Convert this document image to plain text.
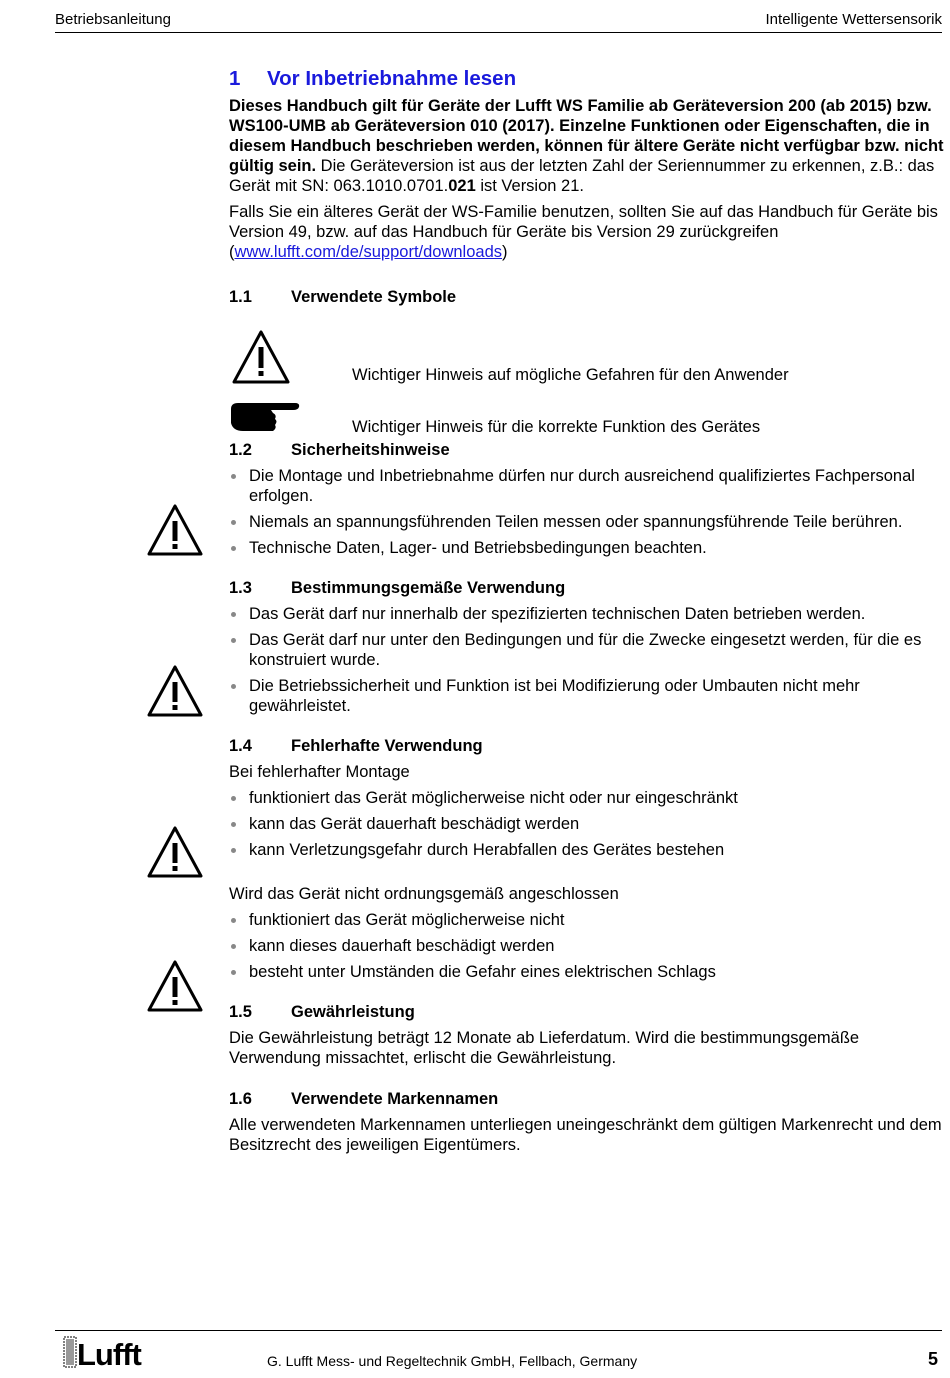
Betriebsanleitung	Intelligente Wettersensorik
1 Vor Inbetriebnahme lesen

Dieses Handbuch gilt für Geräte der Lufft WS Familie ab Geräteversion 200 (ab 2015) bzw. WS100-UMB ab Geräteversion 010 (2017). Einzelne Funktionen oder Eigenschaften, die in diesem Handbuch beschrieben werden, können für ältere Geräte nicht verfügbar bzw. nicht gültig sein. Die Geräteversion ist aus der letzten Zahl der Seriennummer zu erkennen, z.B.: das Gerät mit SN: 063.1010.0701.021 ist Version 21.

Falls Sie ein älteres Gerät der WS-Familie benutzen, sollten Sie auf das Handbuch für Geräte bis Version 49, bzw. auf das Handbuch für Geräte bis Version 29 zurückgreifen (www.lufft.com/de/support/downloads)

1.1 Verwendete Symbole
Wichtiger Hinweis auf mögliche Gefahren für den Anwender
Wichtiger Hinweis für die korrekte Funktion des Gerätes
1.2 Sicherheitshinweise
Die Montage und Inbetriebnahme dürfen nur durch ausreichend qualifiziertes Fachpersonal erfolgen.
Niemals an spannungsführenden Teilen messen oder spannungsführende Teile berühren.
Technische Daten, Lager- und Betriebsbedingungen beachten.
1.3 Bestimmungsgemäße Verwendung
Das Gerät darf nur innerhalb der spezifizierten technischen Daten betrieben werden.
Das Gerät darf nur unter den Bedingungen und für die Zwecke eingesetzt werden, für die es konstruiert wurde.
Die Betriebssicherheit und Funktion ist bei Modifizierung oder Umbauten nicht mehr gewährleistet.
1.4 Fehlerhafte Verwendung

Bei fehlerhafter Montage

funktioniert das Gerät möglicherweise nicht oder nur eingeschränkt
kann das Gerät dauerhaft beschädigt werden
kann Verletzungsgefahr durch Herabfallen des Gerätes bestehen

Wird das Gerät nicht ordnungsgemäß angeschlossen

funktioniert das Gerät möglicherweise nicht
kann dieses dauerhaft beschädigt werden
besteht unter Umständen die Gefahr eines elektrischen Schlags
1.5 Gewährleistung

Die Gewährleistung beträgt 12 Monate ab Lieferdatum. Wird die bestimmungsgemäße Verwendung missachtet, erlischt die Gewährleistung.

1.6 Verwendete Markennamen

Alle verwendeten Markennamen unterliegen uneingeschränkt dem gültigen Markenrecht und dem Besitzrecht des jeweiligen Eigentümers.

Lufft	G. Lufft Mess- und Regeltechnik GmbH, Fellbach, Germany	5
